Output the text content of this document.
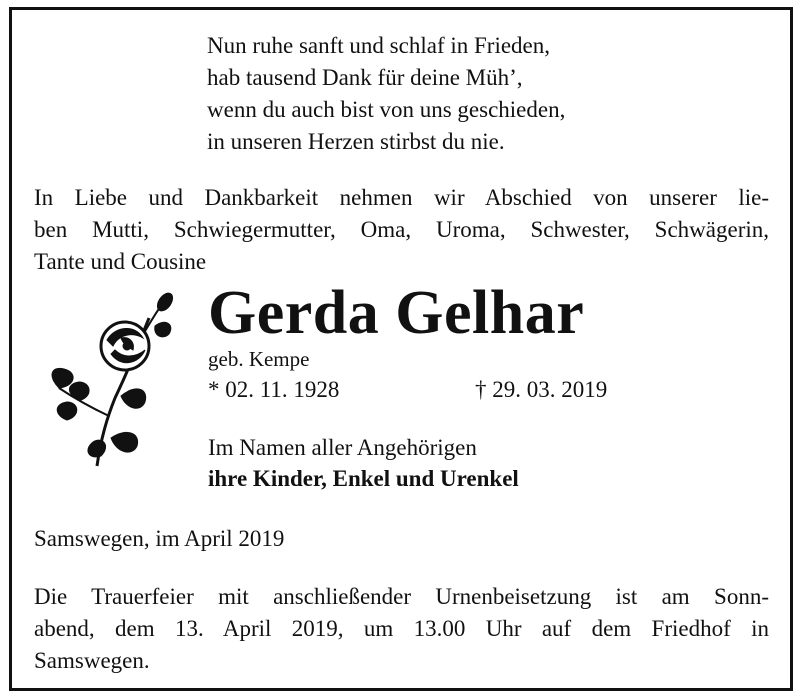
Nun ruhe sanft und schlaf in Frieden,
hab tausend Dank für deine Müh’,
wenn du auch bist von uns geschieden,
in unseren Herzen stirbst du nie.
In Liebe und Dankbarkeit nehmen wir Abschied von unserer lie-
ben Mutti, Schwiegermutter, Oma, Uroma, Schwester, Schwägerin,
Tante und Cousine
Gerda Gelhar
geb. Kempe
* 02. 11. 1928	† 29. 03. 2019
Im Namen aller Angehörigen
ihre Kinder, Enkel und Urenkel
Samswegen, im April 2019
Die Trauerfeier mit anschließender Urnenbeisetzung ist am Sonn-
abend, dem 13. April 2019, um 13.00 Uhr auf dem Friedhof in
Samswegen.
